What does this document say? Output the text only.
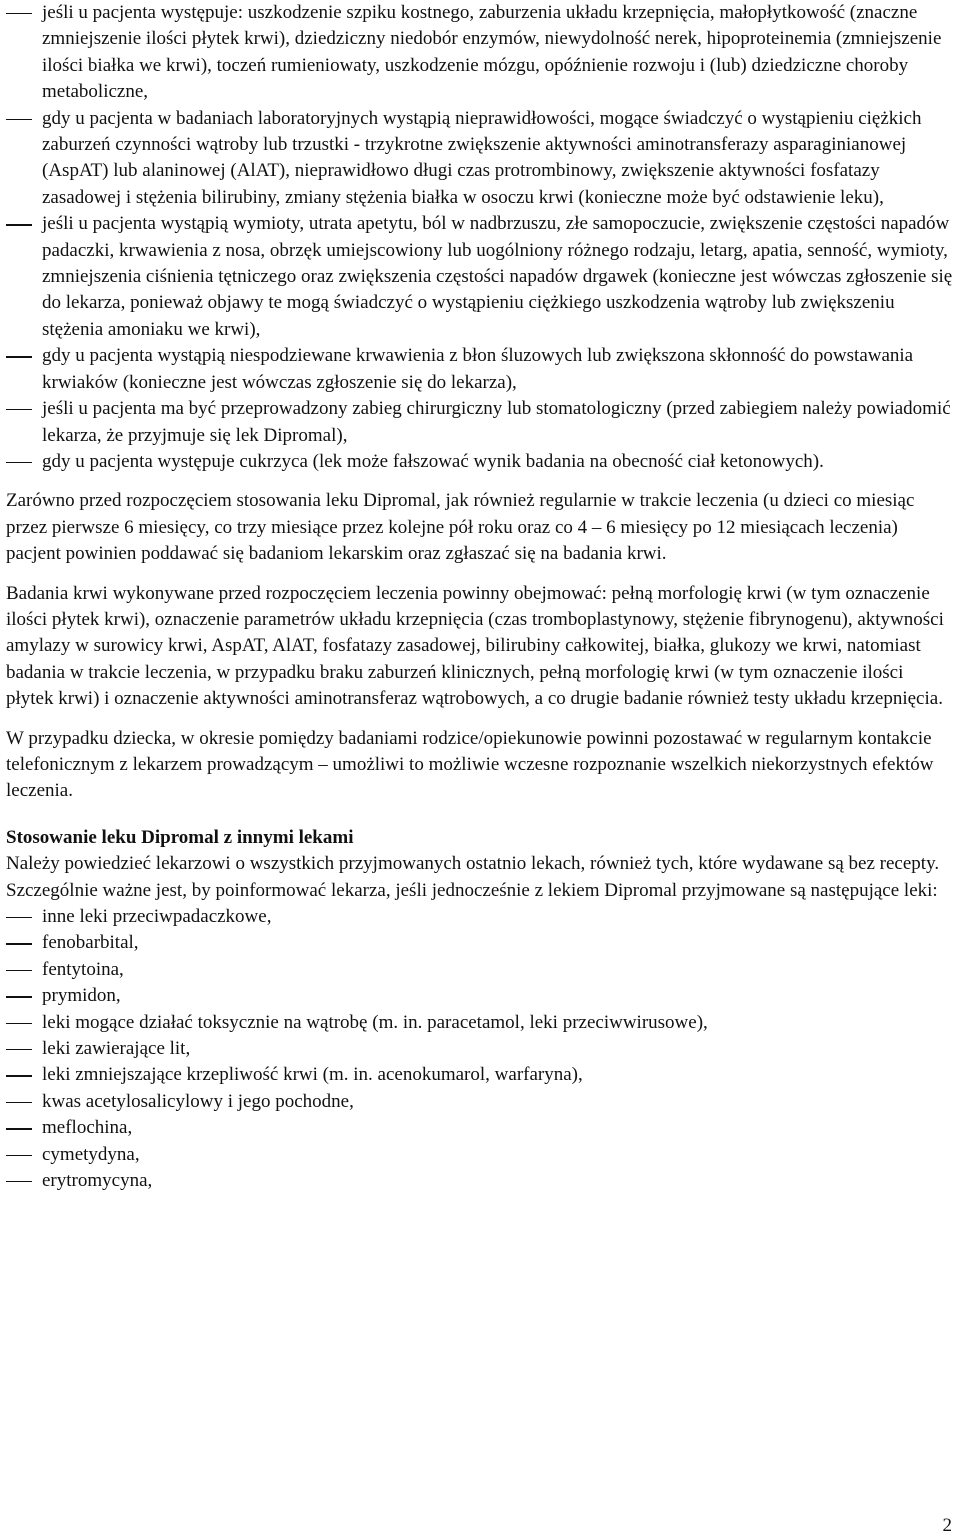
jeśli u pacjenta występuje: uszkodzenie szpiku kostnego, zaburzenia układu krzepnięcia, małopłytkowość (znaczne zmniejszenie ilości płytek krwi), dziedziczny niedobór enzymów, niewydolność nerek, hipoproteinemia (zmniejszenie ilości białka we krwi), toczeń rumieniowaty, uszkodzenie mózgu, opóźnienie rozwoju i (lub) dziedziczne choroby metaboliczne,
gdy u pacjenta w badaniach laboratoryjnych wystąpią nieprawidłowości, mogące świadczyć o wystąpieniu ciężkich zaburzeń czynności wątroby lub trzustki - trzykrotne zwiększenie aktywności aminotransferazy asparaginianowej (AspAT) lub alaninowej (AlAT), nieprawidłowo długi czas protrombinowy, zwiększenie aktywności fosfatazy zasadowej i stężenia bilirubiny, zmiany stężenia białka w osoczu krwi (konieczne może być odstawienie leku),
jeśli u pacjenta wystąpią wymioty, utrata apetytu, ból w nadbrzuszu, złe samopoczucie, zwiększenie częstości napadów padaczki, krwawienia z nosa, obrzęk umiejscowiony lub uogólniony różnego rodzaju, letarg, apatia, senność, wymioty, zmniejszenia ciśnienia tętniczego oraz zwiększenia częstości napadów drgawek (konieczne jest wówczas zgłoszenie się do lekarza, ponieważ objawy te mogą świadczyć o wystąpieniu ciężkiego uszkodzenia wątroby lub zwiększeniu stężenia amoniaku we krwi),
gdy u pacjenta wystąpią niespodziewane krwawienia z błon śluzowych lub zwiększona skłonność do powstawania krwiaków (konieczne jest wówczas zgłoszenie się do lekarza),
jeśli u pacjenta ma być przeprowadzony zabieg chirurgiczny lub stomatologiczny (przed zabiegiem należy powiadomić lekarza, że przyjmuje się lek Dipromal),
gdy u pacjenta występuje cukrzyca (lek może fałszować wynik badania na obecność ciał ketonowych).

Zarówno przed rozpoczęciem stosowania leku Dipromal, jak również regularnie w trakcie leczenia (u dzieci co miesiąc przez pierwsze 6 miesięcy, co trzy miesiące przez kolejne pół roku oraz co 4 – 6 miesięcy po 12 miesiącach leczenia) pacjent powinien poddawać się badaniom lekarskim oraz zgłaszać się na badania krwi.

Badania krwi wykonywane przed rozpoczęciem leczenia powinny obejmować: pełną morfologię krwi (w tym oznaczenie ilości płytek krwi), oznaczenie parametrów układu krzepnięcia (czas tromboplastynowy, stężenie fibrynogenu), aktywności amylazy w surowicy krwi, AspAT, AlAT, fosfatazy zasadowej, bilirubiny całkowitej, białka, glukozy we krwi, natomiast badania w trakcie leczenia, w przypadku braku zaburzeń klinicznych, pełną morfologię krwi (w tym oznaczenie ilości płytek krwi) i oznaczenie aktywności aminotransferaz wątrobowych, a co drugie badanie również testy układu krzepnięcia.

W przypadku dziecka, w okresie pomiędzy badaniami rodzice/opiekunowie powinni pozostawać w regularnym kontakcie telefonicznym z lekarzem prowadzącym – umożliwi to możliwie wczesne rozpoznanie wszelkich niekorzystnych efektów leczenia.

Stosowanie leku Dipromal z innymi lekami

Należy powiedzieć lekarzowi o wszystkich przyjmowanych ostatnio lekach, również tych, które wydawane są bez recepty.

Szczególnie ważne jest, by poinformować lekarza, jeśli jednocześnie z lekiem Dipromal przyjmowane są następujące leki:

inne leki przeciwpadaczkowe,
fenobarbital,
fentytoina,
prymidon,
leki mogące działać toksycznie na wątrobę (m. in. paracetamol, leki przeciwwirusowe),
leki zawierające lit,
leki zmniejszające krzepliwość krwi (m. in. acenokumarol, warfaryna),
kwas acetylosalicylowy i jego pochodne,
meflochina,
cymetydyna,
erytromycyna,
2
